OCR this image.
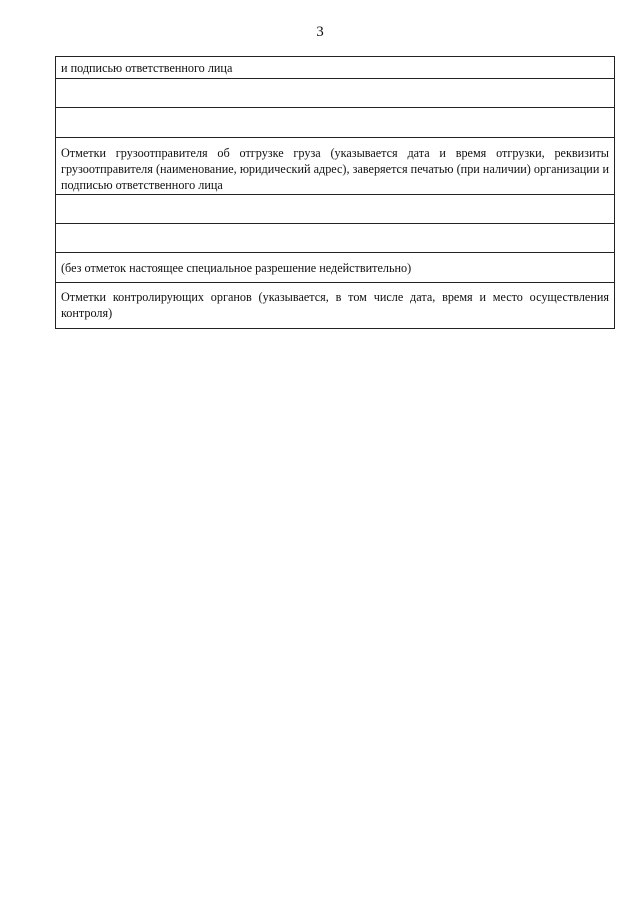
3
и подписью ответственного лица
Отметки грузоотправителя об отгрузке груза (указывается дата и время отгрузки, реквизиты грузоотправителя (наименование, юридический адрес), заверяется печатью (при наличии) организации и подписью ответственного лица
(без отметок настоящее специальное разрешение недействительно)
Отметки контролирующих органов (указывается, в том числе дата, время и место осуществления контроля)
